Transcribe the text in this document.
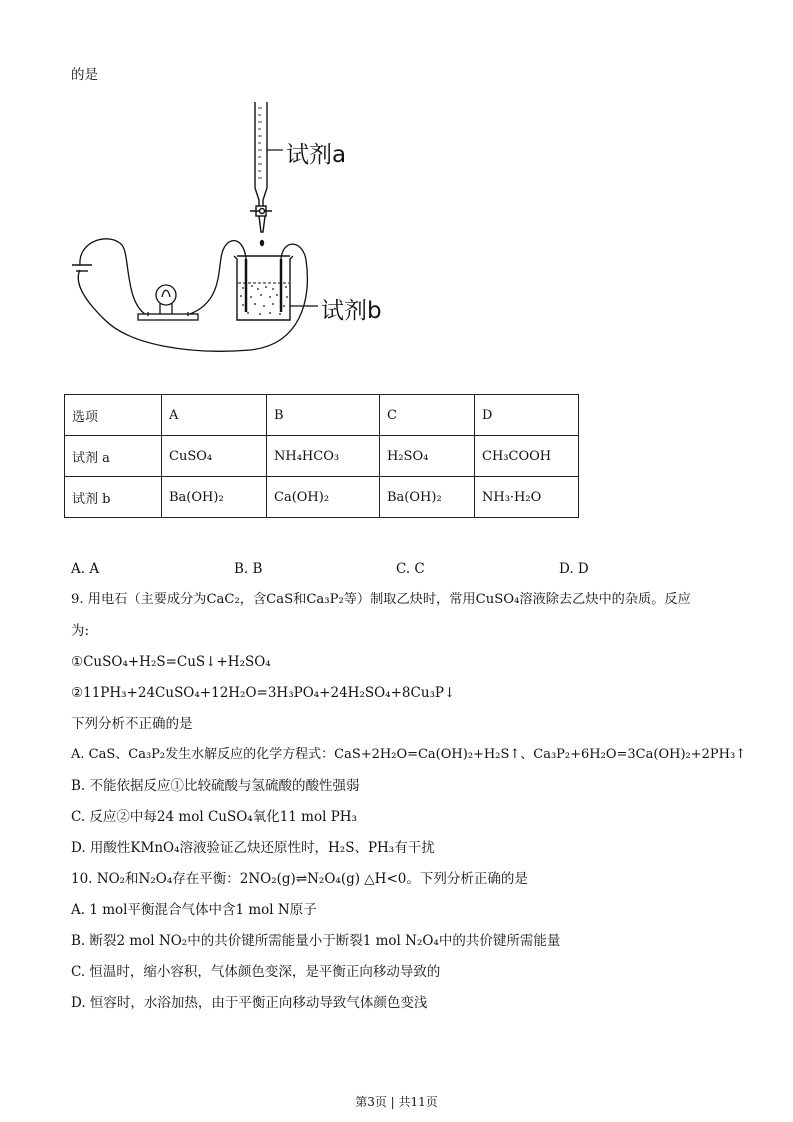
的是
试剂a
试剂b
选项	A	B	C	D
试剂 a	CuSO₄	NH₄HCO₃	H₂SO₄	CH₃COOH
试剂 b	Ba(OH)₂	Ca(OH)₂	Ba(OH)₂	NH₃·H₂O
A. A	B. B	C. C	D. D
9. 用电石（主要成分为CaC₂，含CaS和Ca₃P₂等）制取乙炔时，常用CuSO₄溶液除去乙炔中的杂质。反应
为:
①CuSO₄+H₂S=CuS↓+H₂SO₄
②11PH₃+24CuSO₄+12H₂O=3H₃PO₄+24H₂SO₄+8Cu₃P↓
下列分析不正确的是
A. CaS、Ca₃P₂发生水解反应的化学方程式：CaS+2H₂O=Ca(OH)₂+H₂S↑、Ca₃P₂+6H₂O=3Ca(OH)₂+2PH₃↑
B. 不能依据反应①比较硫酸与氢硫酸的酸性强弱
C. 反应②中每24 mol CuSO₄氧化11 mol PH₃
D. 用酸性KMnO₄溶液验证乙炔还原性时，H₂S、PH₃有干扰
10. NO₂和N₂O₄存在平衡：2NO₂(g)⇌N₂O₄(g) △H<0。下列分析正确的是
A. 1 mol平衡混合气体中含1 mol N原子
B. 断裂2 mol NO₂中的共价键所需能量小于断裂1 mol N₂O₄中的共价键所需能量
C. 恒温时，缩小容积，气体颜色变深，是平衡正向移动导致的
D. 恒容时，水浴加热，由于平衡正向移动导致气体颜色变浅
第3页 | 共11页
